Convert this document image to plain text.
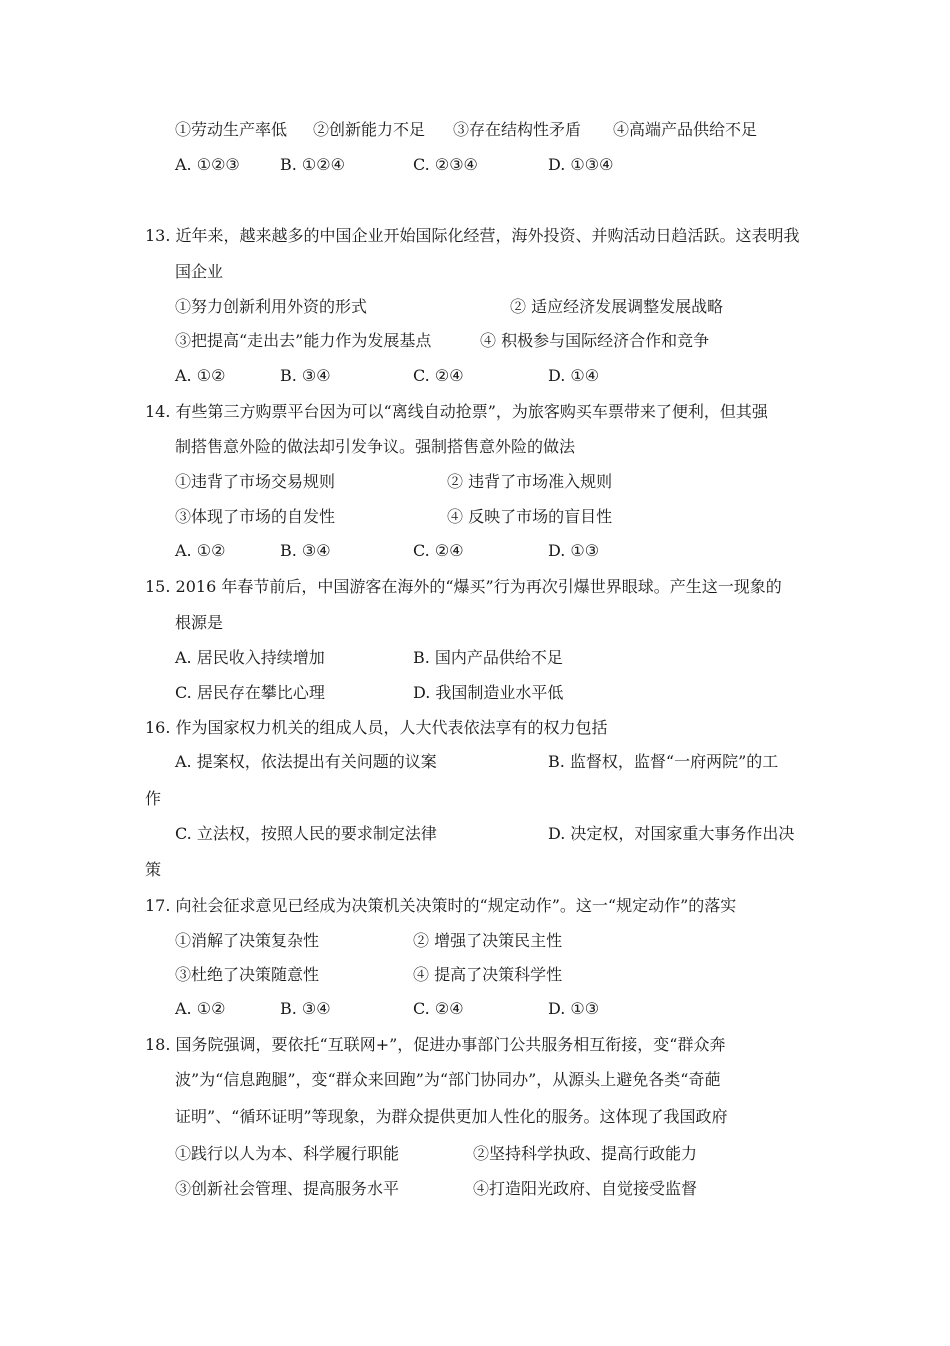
①劳动生产率低 ②创新能力不足 ③存在结构性矛盾 ④高端产品供给不足
A. ①②③	B. ①②④	C. ②③④	D. ①③④
13. 近年来，越来越多的中国企业开始国际化经营，海外投资、并购活动日趋活跃。这表明我
国企业
①努力创新利用外资的形式	② 适应经济发展调整发展战略
③把提高“走出去”能力作为发展基点	④ 积极参与国际经济合作和竞争
A. ①②	B. ③④	C. ②④	D. ①④
14. 有些第三方购票平台因为可以“离线自动抢票”，为旅客购买车票带来了便利，但其强
制搭售意外险的做法却引发争议。强制搭售意外险的做法
①违背了市场交易规则	② 违背了市场准入规则
③体现了市场的自发性	④ 反映了市场的盲目性
A. ①②	B. ③④	C. ②④	D. ①③
15. 2016 年春节前后，中国游客在海外的“爆买”行为再次引爆世界眼球。产生这一现象的
根源是
A. 居民收入持续增加	B. 国内产品供给不足
C. 居民存在攀比心理	D. 我国制造业水平低
16. 作为国家权力机关的组成人员，人大代表依法享有的权力包括
A. 提案权，依法提出有关问题的议案	B. 监督权，监督“一府两院”的工
作
C. 立法权，按照人民的要求制定法律	D. 决定权，对国家重大事务作出决
策
17. 向社会征求意见已经成为决策机关决策时的“规定动作”。这一“规定动作”的落实
①消解了决策复杂性	② 增强了决策民主性
③杜绝了决策随意性	④ 提高了决策科学性
A. ①②	B. ③④	C. ②④	D. ①③
18. 国务院强调，要依托“互联网+”，促进办事部门公共服务相互衔接，变“群众奔
波”为“信息跑腿”，变“群众来回跑”为“部门协同办”，从源头上避免各类“奇葩
证明”、“循环证明”等现象，为群众提供更加人性化的服务。这体现了我国政府
①践行以人为本、科学履行职能	②坚持科学执政、提高行政能力
③创新社会管理、提高服务水平	④打造阳光政府、自觉接受监督
